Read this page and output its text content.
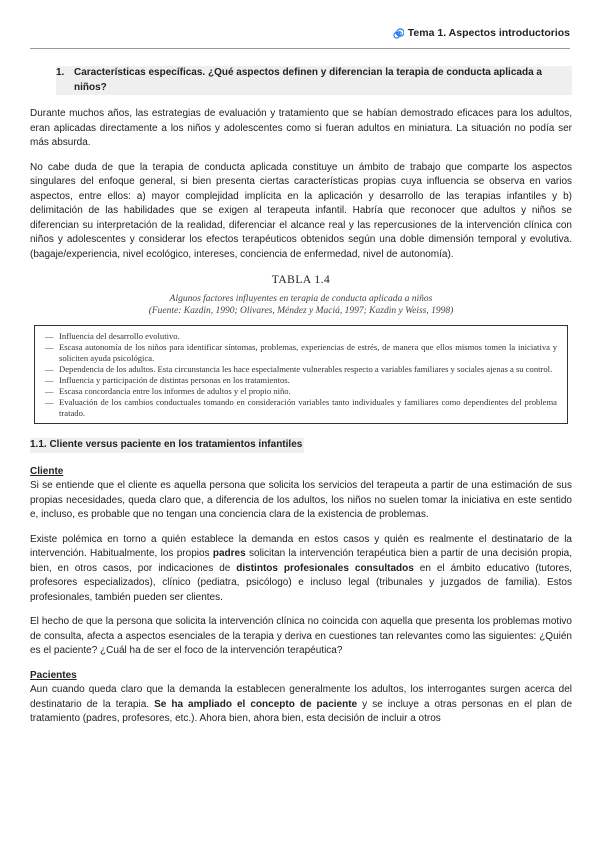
Tema 1. Aspectos introductorios
1. Características específicas. ¿Qué aspectos definen y diferencian la terapia de conducta aplicada a niños?

Durante muchos años, las estrategias de evaluación y tratamiento que se habían demostrado eficaces para los adultos, eran aplicadas directamente a los niños y adolescentes como si fueran adultos en miniatura. La situación no podía ser más absurda.

No cabe duda de que la terapia de conducta aplicada constituye un ámbito de trabajo que comparte los aspectos singulares del enfoque general, si bien presenta ciertas características propias cuya influencia se observa en varios aspectos, entre ellos: a) mayor complejidad implícita en la aplicación y desarrollo de las terapias infantiles y b) delimitación de las habilidades que se exigen al terapeuta infantil. Habría que reconocer que adultos y niños se diferencian su interpretación de la realidad, diferenciar el alcance real y las repercusiones de la intervención clínica con niños y adolescentes y considerar los efectos terapéuticos obtenidos según una doble dimensión temporal y evolutiva. (bagaje/experiencia, nivel ecológico, intereses, conciencia de enfermedad, nivel de autonomía).

TABLA 1.4
Algunos factores influyentes en terapia de conducta aplicada a niños
(Fuente: Kazdin, 1990; Olivares, Méndez y Maciá, 1997; Kazdin y Weiss, 1998)
— Influencia del desarrollo evolutivo.
— Escasa autonomía de los niños para identificar síntomas, problemas, experiencias de estrés, de manera que ellos mismos tomen la iniciativa y soliciten ayuda psicológica.
— Dependencia de los adultos. Esta circunstancia les hace especialmente vulnerables respecto a variables familiares y sociales ajenas a su control.
— Influencia y participación de distintas personas en los tratamientos.
— Escasa concordancia entre los informes de adultos y el propio niño.
— Evaluación de los cambios conductuales tomando en consideración variables tanto individuales y familiares como dependientes del problema tratado.
1.1. Cliente versus paciente en los tratamientos infantiles
Cliente

Si se entiende que el cliente es aquella persona que solicita los servicios del terapeuta a partir de una estimación de sus propias necesidades, queda claro que, a diferencia de los adultos, los niños no suelen tomar la iniciativa en este sentido e, incluso, es probable que no tengan una conciencia clara de la existencia de problemas.

Existe polémica en torno a quién establece la demanda en estos casos y quién es realmente el destinatario de la intervención. Habitualmente, los propios padres solicitan la intervención terapéutica bien a partir de una decisión propia, bien, en otros casos, por indicaciones de distintos profesionales consultados en el ámbito educativo (tutores, profesores especializados), clínico (pediatra, psicólogo) e incluso legal (tribunales y juzgados de familia). Estos profesionales, también pueden ser clientes.

El hecho de que la persona que solicita la intervención clínica no coincida con aquella que presenta los problemas motivo de consulta, afecta a aspectos esenciales de la terapia y deriva en cuestiones tan relevantes como las siguientes: ¿Quién es el paciente? ¿Cuál ha de ser el foco de la intervención terapéutica?

Pacientes

Aun cuando queda claro que la demanda la establecen generalmente los adultos, los interrogantes surgen acerca del destinatario de la terapia. Se ha ampliado el concepto de paciente y se incluye a otras personas en el plan de tratamiento (padres, profesores, etc.). Ahora bien, ahora bien, esta decisión de incluir a otros
